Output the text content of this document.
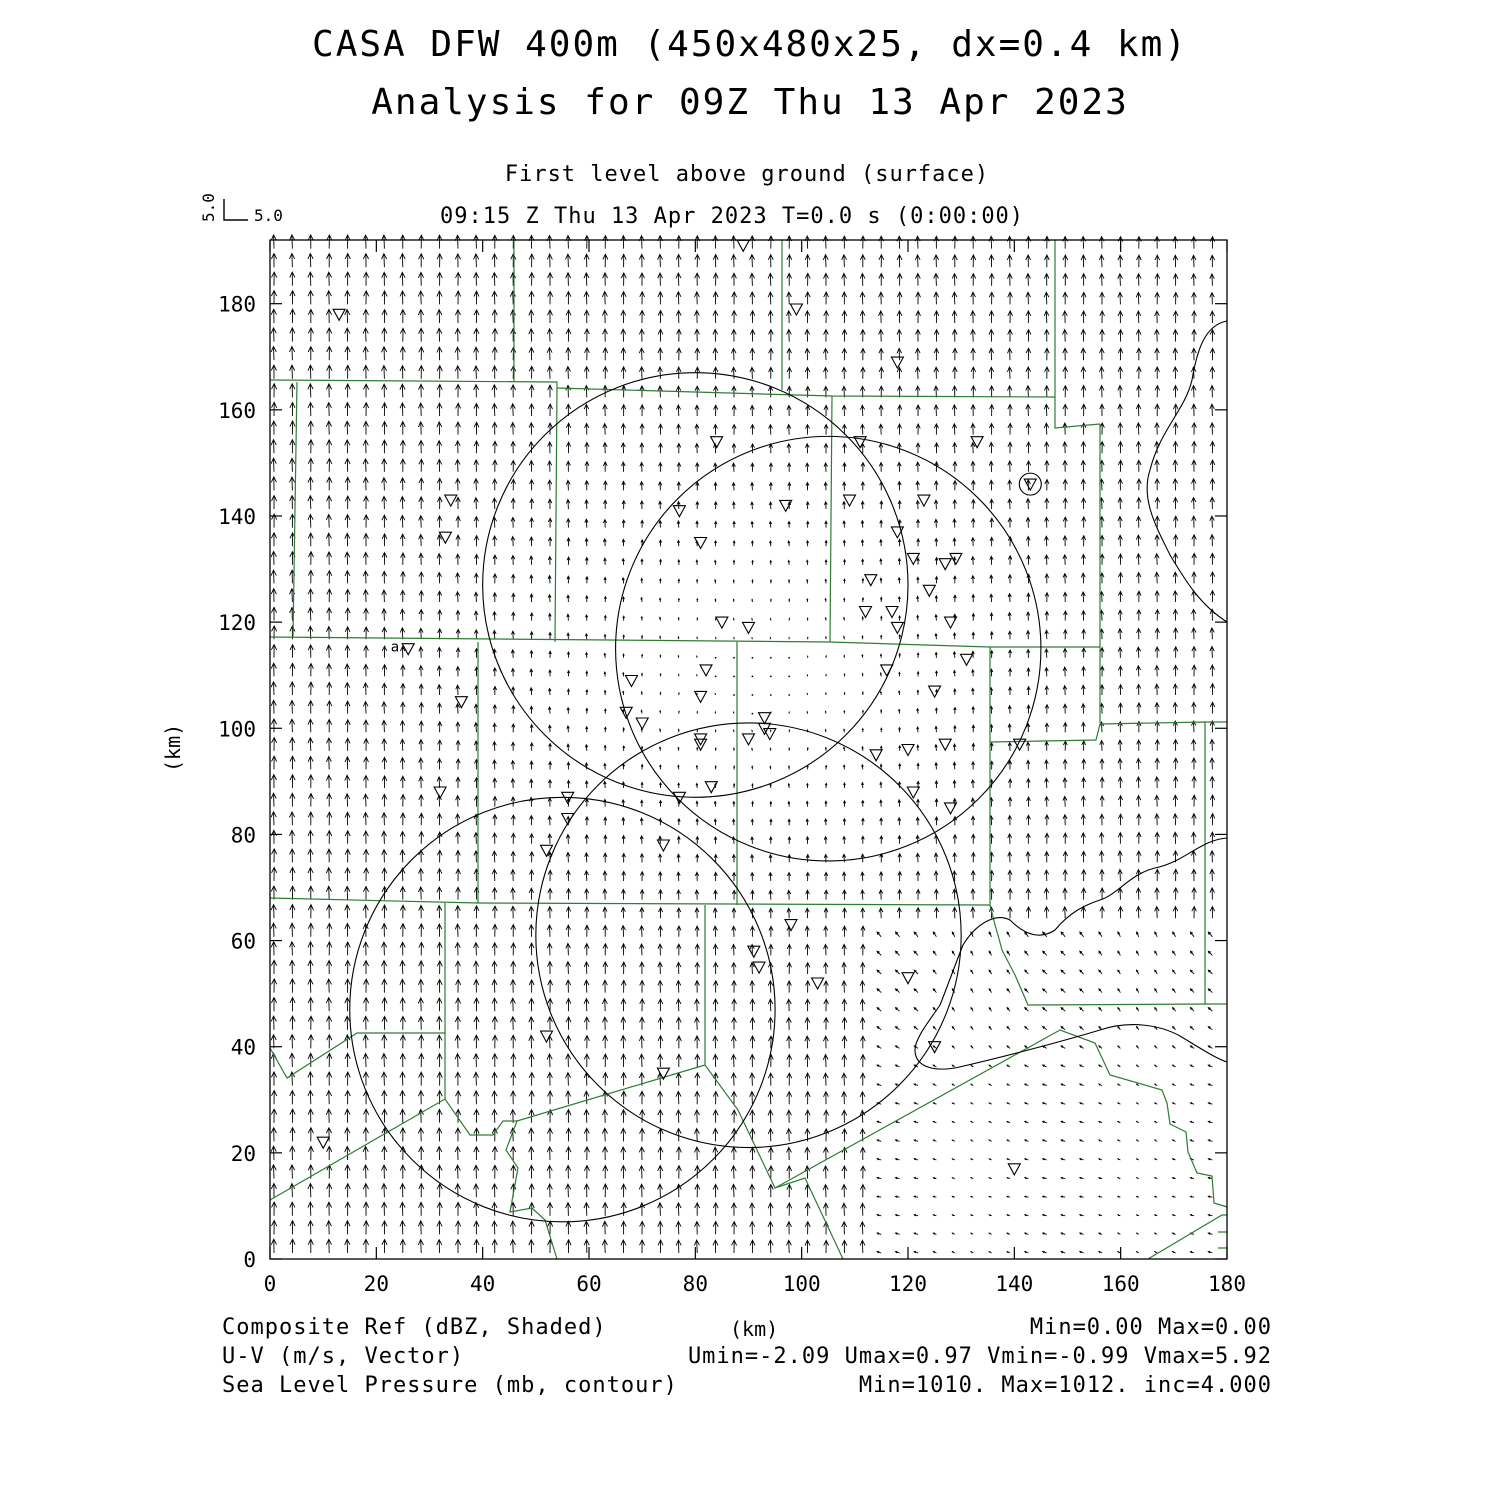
CASA DFW 400m (450x480x25, dx=0.4 km)
Analysis for 09Z Thu 13 Apr 2023
First level above ground (surface)
09:15 Z Thu 13 Apr 2023 T=0.0 s (0:00:00)
a
0	20	40	60	80	100	120	140	160	180
0
20
40
60
80
100
120
140
160
180
5.0 5.0
(km)
(km)
Composite Ref (dBZ, Shaded)	Min=0.00 Max=0.00
U-V (m/s, Vector)	Umin=-2.09 Umax=0.97 Vmin=-0.99 Vmax=5.92
Sea Level Pressure (mb, contour)	Min=1010. Max=1012. inc=4.000
